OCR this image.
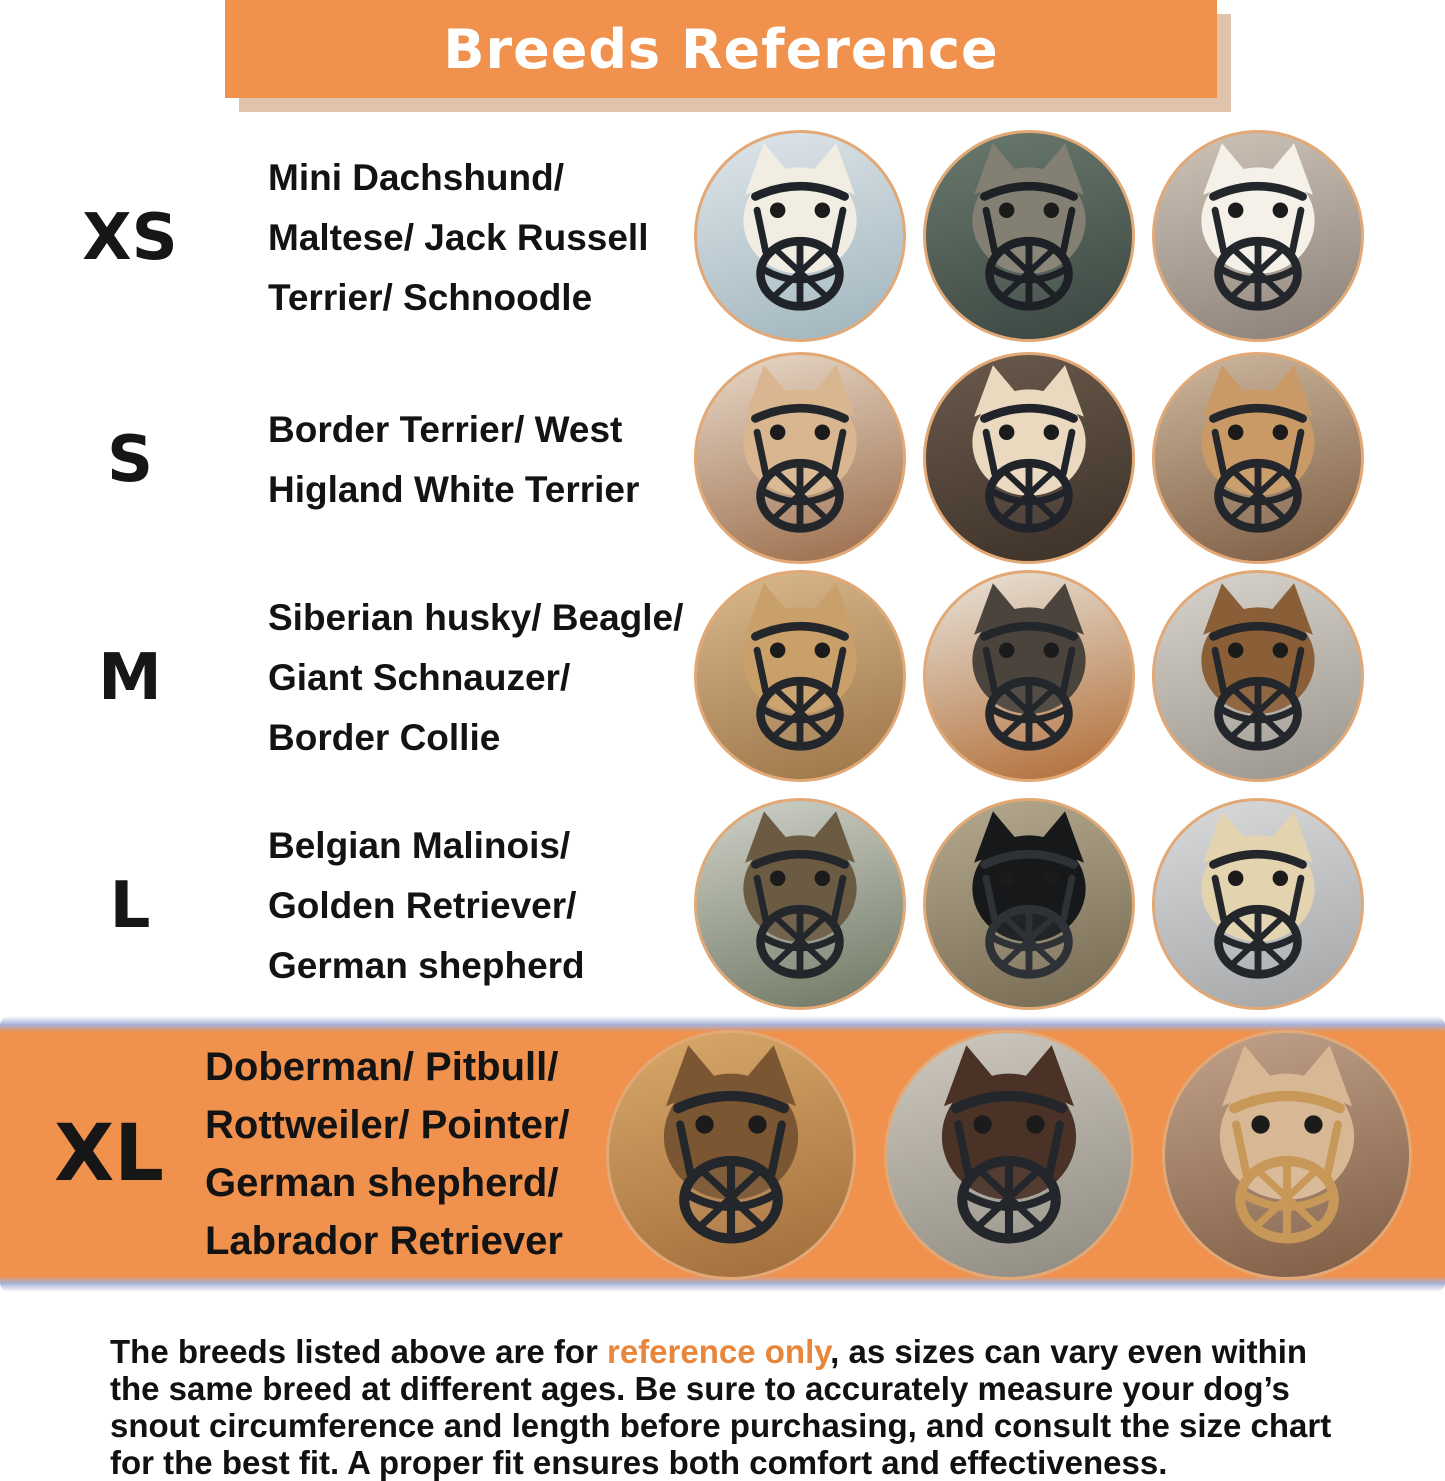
Breeds Reference
XS
Mini Dachshund/
Maltese/ Jack Russell
Terrier/ Schnoodle
S	Border Terrier/ West
Higland White Terrier
M
Siberian husky/ Beagle/
Giant Schnauzer/
Border Collie
L
Belgian Malinois/
Golden Retriever/
German shepherd
XL
Doberman/ Pitbull/
Rottweiler/ Pointer/
German shepherd/
Labrador Retriever

The breeds listed above are for reference only, as sizes can vary even within the same breed at different ages. Be sure to accurately measure your dog’s snout circumference and length before purchasing, and consult the size chart for the best fit. A proper fit ensures both comfort and effectiveness.
